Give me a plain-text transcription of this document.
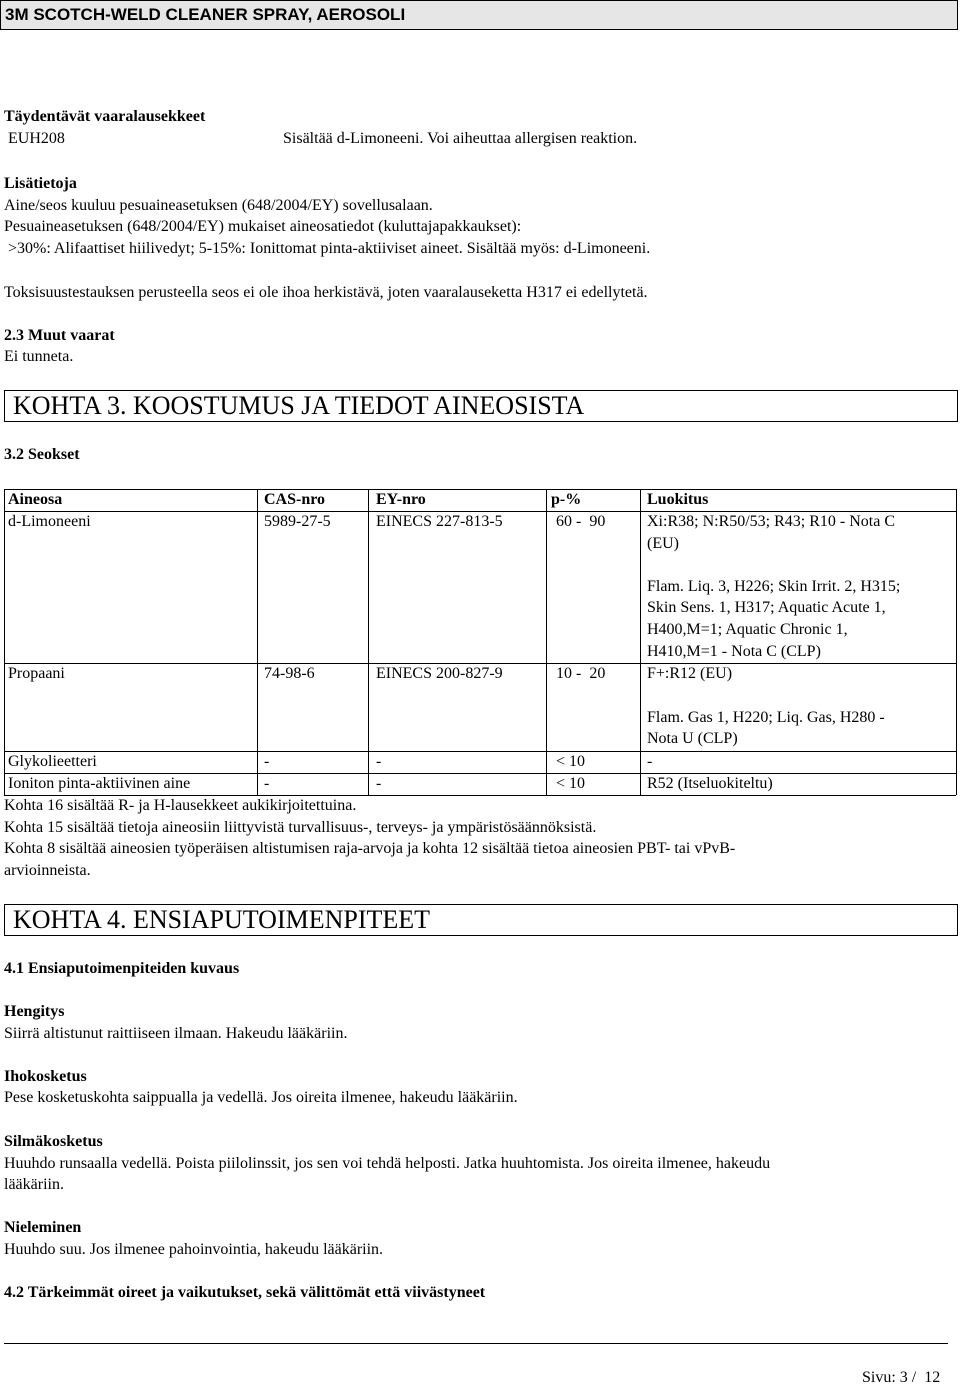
3M SCOTCH-WELD CLEANER SPRAY, AEROSOLI
Täydentävät vaaralausekkeet
EUH208	Sisältää d-Limoneeni. Voi aiheuttaa allergisen reaktion.
Lisätietoja
Aine/seos kuuluu pesuaineasetuksen (648/2004/EY) sovellusalaan.
Pesuaineasetuksen (648/2004/EY) mukaiset aineosatiedot (kuluttajapakkaukset):
>30%: Alifaattiset hiilivedyt; 5-15%: Ionittomat pinta-aktiiviset aineet. Sisältää myös: d-Limoneeni.
Toksisuustestauksen perusteella seos ei ole ihoa herkistävä, joten vaaralauseketta H317 ei edellytetä.
2.3 Muut vaarat
Ei tunneta.
KOHTA 3. KOOSTUMUS JA TIEDOT AINEOSISTA
3.2 Seokset
Aineosa	CAS-nro	EY-nro	p-%	Luokitus
d-Limoneeni	5989-27-5	EINECS 227-813-5	60 -  90	Xi:R38; N:R50/53; R43; R10 - Nota C
(EU)
Flam. Liq. 3, H226; Skin Irrit. 2, H315;
Skin Sens. 1, H317; Aquatic Acute 1,
H400,M=1; Aquatic Chronic 1,
H410,M=1 - Nota C (CLP)
Propaani	74-98-6	EINECS 200-827-9	10 -  20	F+:R12 (EU)
Flam. Gas 1, H220; Liq. Gas, H280 -
Nota U (CLP)
Glykolieetteri	-	-	< 10	-
Ioniton pinta-aktiivinen aine	-	-	< 10	R52 (Itseluokiteltu)
Kohta 16 sisältää R- ja H-lausekkeet aukikirjoitettuina.
Kohta 15 sisältää tietoja aineosiin liittyvistä turvallisuus-, terveys- ja ympäristösäännöksistä.
Kohta 8 sisältää aineosien työperäisen altistumisen raja-arvoja ja kohta 12 sisältää tietoa aineosien PBT- tai vPvB-
arvioinneista.
KOHTA 4. ENSIAPUTOIMENPITEET
4.1 Ensiaputoimenpiteiden kuvaus
Hengitys
Siirrä altistunut raittiiseen ilmaan. Hakeudu lääkäriin.
Ihokosketus
Pese kosketuskohta saippualla ja vedellä. Jos oireita ilmenee, hakeudu lääkäriin.
Silmäkosketus
Huuhdo runsaalla vedellä. Poista piilolinssit, jos sen voi tehdä helposti. Jatka huuhtomista. Jos oireita ilmenee, hakeudu
lääkäriin.
Nieleminen
Huuhdo suu. Jos ilmenee pahoinvointia, hakeudu lääkäriin.
4.2 Tärkeimmät oireet ja vaikutukset, sekä välittömät että viivästyneet
Sivu: 3 /  12
